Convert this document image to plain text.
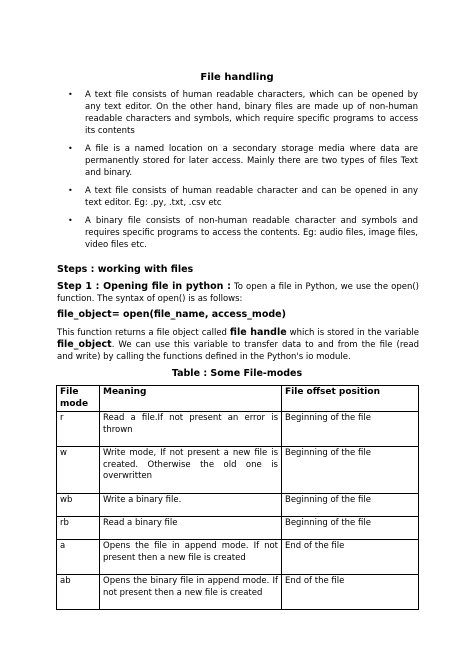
File handling
• A text file consists of human readable characters, which can be opened by any text editor. On the other hand, binary files are made up of non-human readable characters and symbols, which require specific programs to access its contents
• A file is a named location on a secondary storage media where data are permanently stored for later access. Mainly there are two types of files Text and binary.
• A text file consists of human readable character and can be opened in any text editor. Eg: .py, .txt, .csv etc
• A binary file consists of non-human readable character and symbols and requires specific programs to access the contents. Eg: audio files, image files, video files etc.
Steps : working with files
Step 1 : Opening file in python : To open a file in Python, we use the open() function. The syntax of open() is as follows:
file_object= open(file_name, access_mode)
This function returns a file object called file handle which is stored in the variable file_object. We can use this variable to transfer data to and from the file (read and write) by calling the functions defined in the Python's io module.
Table : Some File-modes
File mode	Meaning	File offset position
r	Read a file.If not present an error is thrown	Beginning of the file
w	Write mode, If not present a new file is created. Otherwise the old one is overwritten	Beginning of the file
wb	Write a binary file.	Beginning of the file
rb	Read a binary file	Beginning of the file
a	Opens the file in append mode. If not present then a new file is created	End of the file
ab	Opens the binary file in append mode. If not present then a new file is created	End of the file
